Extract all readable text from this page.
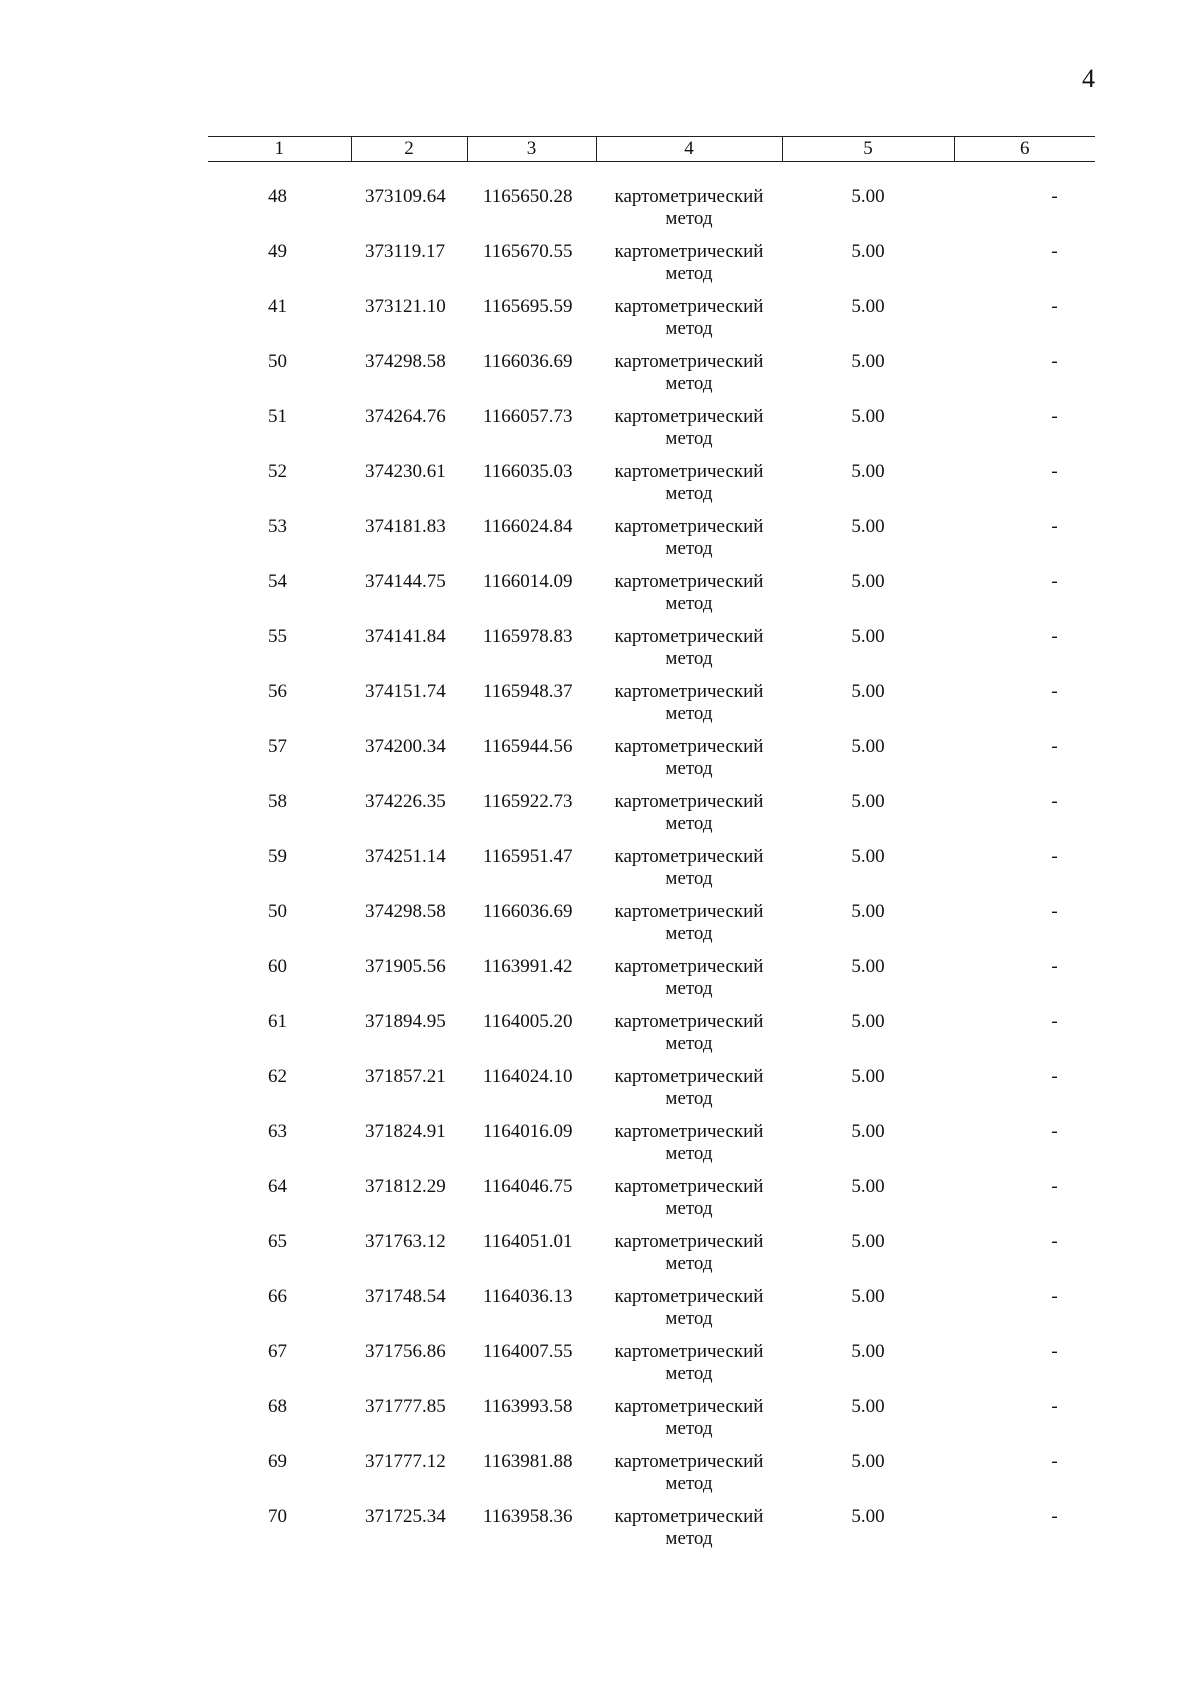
4
1	2	3	4	5	6

48	373109.64	1165650.28	картометрический
метод	5.00	-
49	373119.17	1165670.55	картометрический
метод	5.00	-
41	373121.10	1165695.59	картометрический
метод	5.00	-
50	374298.58	1166036.69	картометрический
метод	5.00	-
51	374264.76	1166057.73	картометрический
метод	5.00	-
52	374230.61	1166035.03	картометрический
метод	5.00	-
53	374181.83	1166024.84	картометрический
метод	5.00	-
54	374144.75	1166014.09	картометрический
метод	5.00	-
55	374141.84	1165978.83	картометрический
метод	5.00	-
56	374151.74	1165948.37	картометрический
метод	5.00	-
57	374200.34	1165944.56	картометрический
метод	5.00	-
58	374226.35	1165922.73	картометрический
метод	5.00	-
59	374251.14	1165951.47	картометрический
метод	5.00	-
50	374298.58	1166036.69	картометрический
метод	5.00	-
60	371905.56	1163991.42	картометрический
метод	5.00	-
61	371894.95	1164005.20	картометрический
метод	5.00	-
62	371857.21	1164024.10	картометрический
метод	5.00	-
63	371824.91	1164016.09	картометрический
метод	5.00	-
64	371812.29	1164046.75	картометрический
метод	5.00	-
65	371763.12	1164051.01	картометрический
метод	5.00	-
66	371748.54	1164036.13	картометрический
метод	5.00	-
67	371756.86	1164007.55	картометрический
метод	5.00	-
68	371777.85	1163993.58	картометрический
метод	5.00	-
69	371777.12	1163981.88	картометрический
метод	5.00	-
70	371725.34	1163958.36	картометрический
метод	5.00	-
